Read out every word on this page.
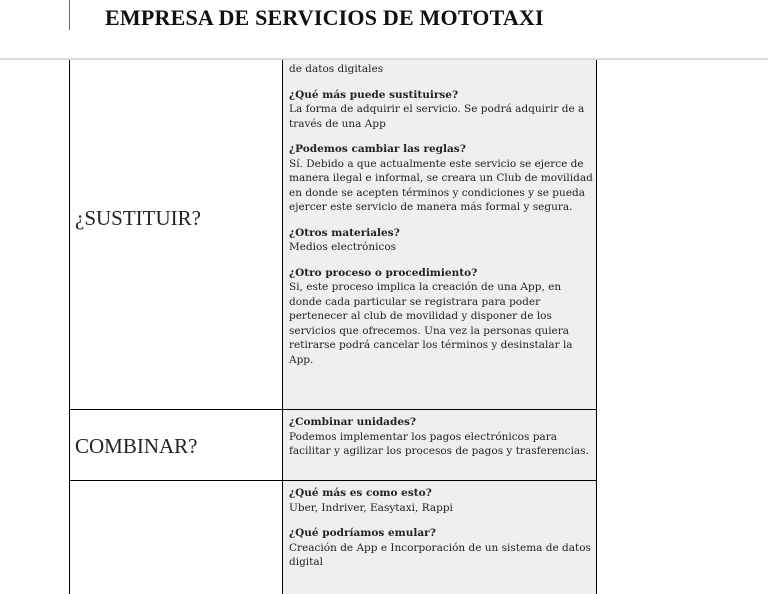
EMPRESA DE SERVICIOS DE MOTOTAXI
¿SUSTITUIR?
de datos digitales
¿Qué más puede sustituirse?
La forma de adquirir el servicio. Se podrá adquirir de a través de una App
¿Podemos cambiar las reglas?
Sí. Debido a que actualmente este servicio se ejerce de manera ilegal e informal, se creara un Club de movilidad en donde se acepten términos y condiciones y se pueda ejercer este servicio de manera más formal y segura.
¿Otros materiales?
Medios electrónicos
¿Otro proceso o procedimiento?
Si, este proceso implica la creación de una App, en donde cada particular se registrara para poder pertenecer al club de movilidad y disponer de los servicios que ofrecemos. Una vez la personas quiera retirarse podrá cancelar los términos y desinstalar la App.
COMBINAR?
¿Combinar unidades?
Podemos implementar los pagos electrónicos para facilitar y agilizar los procesos de pagos y trasferencias.
¿Qué más es como esto?
Uber, Indriver, Easytaxi, Rappi
¿Qué podríamos emular?
Creación de App e Incorporación de un sistema de datos digital
